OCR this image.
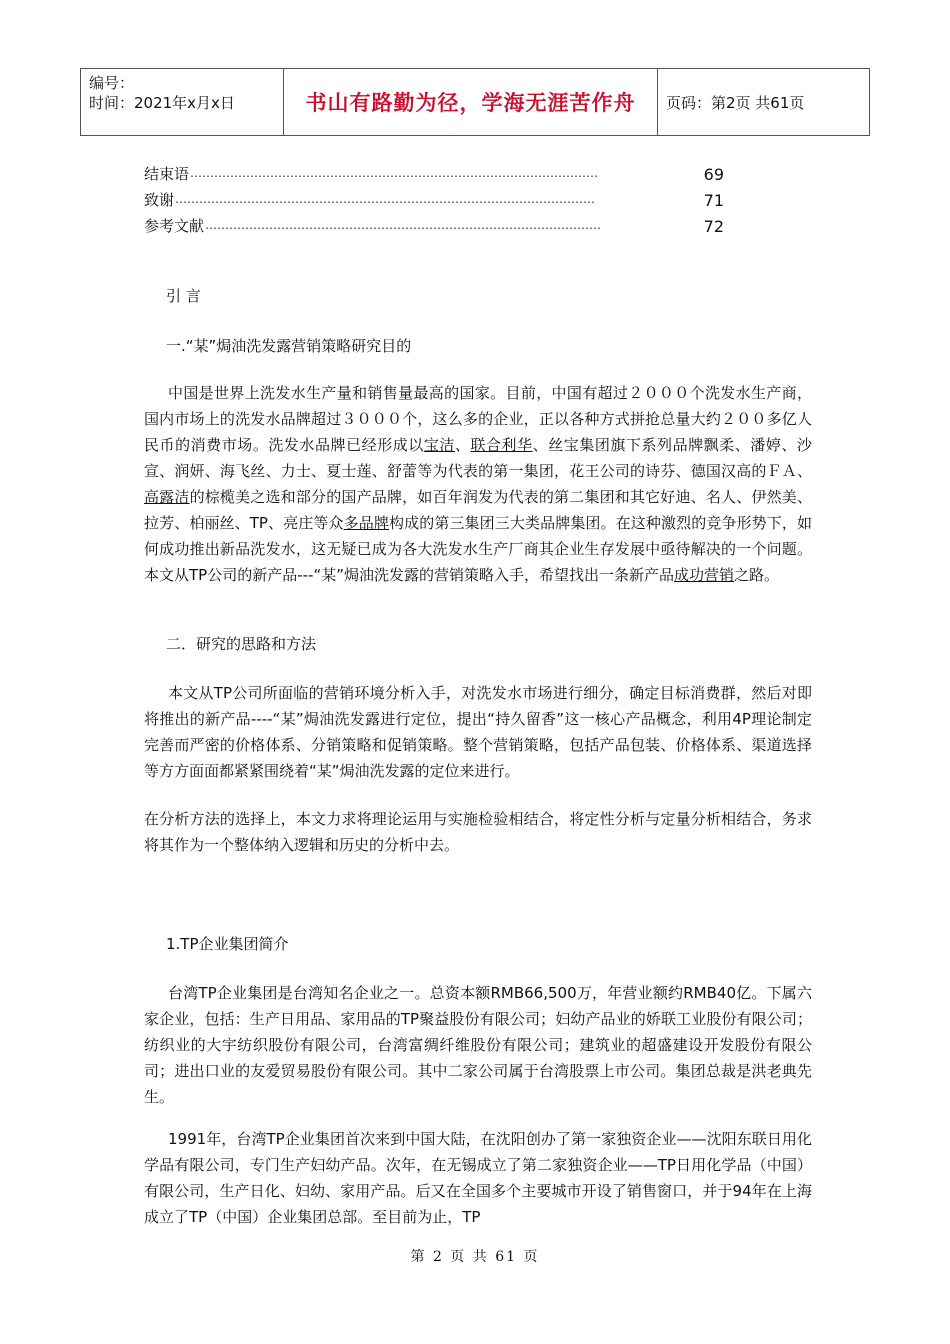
编号：
时间：2021年x月x日	书山有路勤为径，学海无涯苦作舟	页码：第2页 共61页
结束语 …………………………………………………………………………………………	69
致谢 ……………………………………………………………………………………………	71
参考文献 ………………………………………………………………………………………	72
引 言
一.“某”焗油洗发露营销策略研究目的

中国是世界上洗发水生产量和销售量最高的国家。目前，中国有超过２０００个洗发水生产商，国内市场上的洗发水品牌超过３０００个，这么多的企业，正以各种方式拼抢总量大约２００多亿人民币的消费市场。洗发水品牌已经形成以宝洁、联合利华、丝宝集团旗下系列品牌飘柔、潘婷、沙宣、润妍、海飞丝、力士、夏士莲、舒蕾等为代表的第一集团，花王公司的诗芬、德国汉高的ＦＡ、高露洁的棕榄美之选和部分的国产品牌，如百年润发为代表的第二集团和其它好迪、名人、伊然美、拉芳、柏丽丝、TP、亮庄等众多品牌构成的第三集团三大类品牌集团。在这种激烈的竞争形势下，如何成功推出新品洗发水，这无疑已成为各大洗发水生产厂商其企业生存发展中亟待解决的一个问题。本文从TP公司的新产品---“某”焗油洗发露的营销策略入手，希望找出一条新产品成功营销之路。

二．研究的思路和方法

本文从TP公司所面临的营销环境分析入手，对洗发水市场进行细分，确定目标消费群，然后对即将推出的新产品----“某”焗油洗发露进行定位，提出“持久留香”这一核心产品概念，利用4P理论制定完善而严密的价格体系、分销策略和促销策略。整个营销策略，包括产品包装、价格体系、渠道选择等方方面面都紧紧围绕着“某”焗油洗发露的定位来进行。

在分析方法的选择上，本文力求将理论运用与实施检验相结合，将定性分析与定量分析相结合，务求将其作为一个整体纳入逻辑和历史的分析中去。

1.TP企业集团简介

台湾TP企业集团是台湾知名企业之一。总资本额RMB66,500万，年营业额约RMB40亿。下属六家企业，包括：生产日用品、家用品的TP聚益股份有限公司；妇幼产品业的娇联工业股份有限公司；纺织业的大宇纺织股份有限公司，台湾富绸纤维股份有限公司；建筑业的超盛建设开发股份有限公司；进出口业的友爱贸易股份有限公司。其中二家公司属于台湾股票上市公司。集团总裁是洪老典先生。

1991年，台湾TP企业集团首次来到中国大陆，在沈阳创办了第一家独资企业——沈阳东联日用化学品有限公司，专门生产妇幼产品。次年，在无锡成立了第二家独资企业——TP日用化学品（中国）有限公司，生产日化、妇幼、家用产品。后又在全国多个主要城市开设了销售窗口，并于94年在上海成立了TP（中国）企业集团总部。至目前为止，TP

第 2 页 共 61 页
